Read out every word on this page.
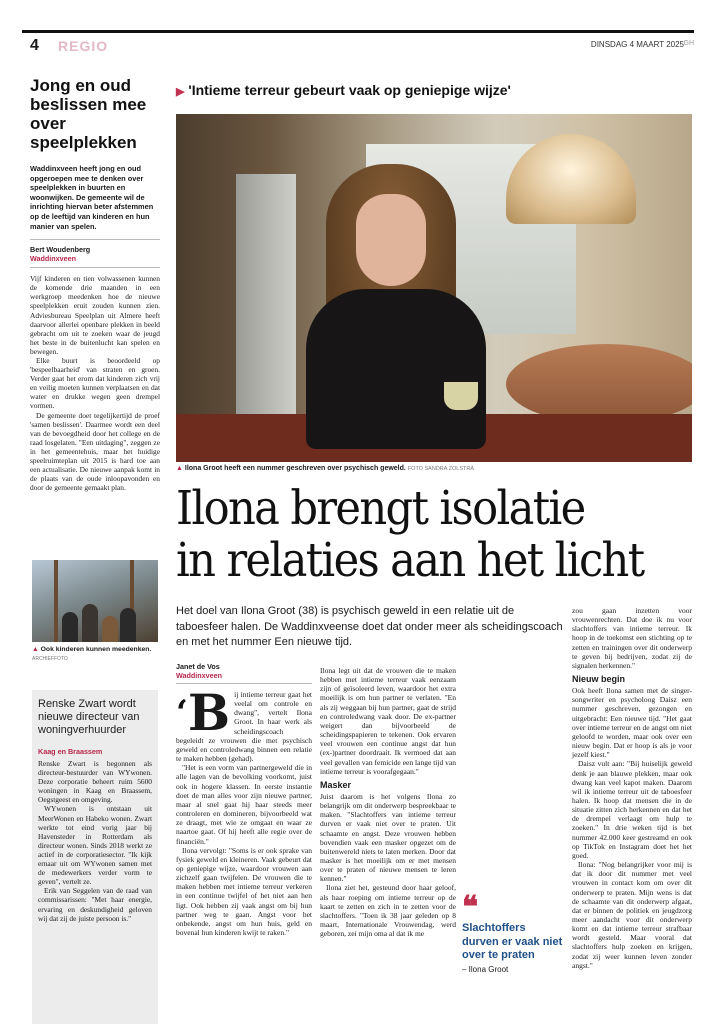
4 REGIO	DINSDAG 4 MAART 2025 GH
Jong en oud beslissen mee over speelplekken
Waddinxveen heeft jong en oud opgeroepen mee te denken over speelplekken in buurten en woonwijken. De gemeente wil de inrichting hiervan beter afstemmen op de leeftijd van kinderen en hun manier van spelen.
Bert Woudenberg
Waddinxveen

Vijf kinderen en tien volwassenen kunnen de komende drie maanden in een werkgroep meedenken hoe de nieuwe speelplekken eruit zouden kunnen zien. Adviesbureau Speelplan uit Almere heeft daarvoor allerlei openbare plekken in beeld gebracht om uit te zoeken waar de jeugd het beste in de buitenlucht kan spelen en bewegen.

Elke buurt is beoordeeld op 'bespeelbaarheid' van straten en groen. Verder gaat het erom dat kinderen zich vrij en veilig moeten kunnen verplaatsen en dat water en drukke wegen geen drempel vormen.

De gemeente doet tegelijkertijd de proef 'samen beslissen'. Daarmee wordt een deel van de bevoegdheid door het college en de raad losgelaten. "Een uitdaging", zeggen ze in het gemeentehuis, maar het huidige speelruimteplan uit 2015 is hard toe aan een actualisatie. De nieuwe aanpak komt in de plaats van de oude inloopavonden en door de gemeente gemaakt plan.

▲ Ook kinderen kunnen meedenken. ARCHIEFFOTO
Renske Zwart wordt nieuwe directeur van woningverhuurder
Kaag en Braassem

Renske Zwart is begonnen als directeur-bestuurder van WYwonen. Deze corporatie beheert ruim 5600 woningen in Kaag en Braassem, Oegstgeest en omgeving.

WYwonen is ontstaan uit MeerWonen en Habeko wonen. Zwart werkte tot eind vorig jaar bij Havensteder in Rotterdam als directeur wonen. Sinds 2018 werkt ze actief in de corporatiesector. "Ik kijk ernaar uit om WYwonen samen met de medewerkers verder vorm te geven", vertelt ze.

Erik van Seggelen van de raad van commissarissen: "Met haar energie, ervaring en deskundigheid geloven wij dat zij de juiste persoon is."

▶ 'Intieme terreur gebeurt vaak op geniepige wijze'
▲ Ilona Groot heeft een nummer geschreven over psychisch geweld. FOTO SANDRA ZOLSTRA
Ilona brengt isolatie
in relaties aan het licht
Het doel van Ilona Groot (38) is psychisch geweld in een relatie uit de taboesfeer halen. De Waddinxveense doet dat onder meer als scheidingscoach en met het nummer Een nieuwe tijd.
Janet de Vos
Waddinxveen
‘B ij intieme terreur gaat het veelal om controle en dwang", vertelt Ilona Groot. In haar werk als scheidingscoach begeleidt ze vrouwen die met psychisch geweld en controledwang binnen een relatie te maken hebben (gehad).

"Het is een vorm van partnergeweld die in alle lagen van de bevolking voorkomt, juist ook in hogere klassen. In eerste instantie doet de man alles voor zijn nieuwe partner, maar al snel gaat hij haar steeds meer controleren en domineren, bijvoorbeeld wat ze draagt, met wie ze omgaat en waar ze naartoe gaat. Of hij heeft alle regie over de financiën."

Ilona vervolgt: "Soms is er ook sprake van fysiek geweld en kleineren. Vaak gebeurt dat op geniepige wijze, waardoor vrouwen aan zichzelf gaan twijfelen. De vrouwen die te maken hebben met intieme terreur verkeren in een continue twijfel of het niet aan hen ligt. Ook hebben zij vaak angst om bij hun partner weg te gaan. Angst voor het onbekende, angst om hun huis, geld en bovenal hun kinderen kwijt te raken."

Ilona legt uit dat de vrouwen die te maken hebben met intieme terreur vaak eenzaam zijn of geïsoleerd leven, waardoor het extra moeilijk is om hun partner te verlaten. "En als zij weggaan bij hun partner, gaat de strijd en controledwang vaak door. De ex-partner weigert dan bijvoorbeeld de scheidingspapieren te tekenen. Ook ervaren veel vrouwen een continue angst dat hun (ex-)partner doordraait. Ik vermoed dat aan veel gevallen van femicide een lange tijd van intieme terreur is voorafgegaan."

Masker

Juist daarom is het volgens Ilona zo belangrijk om dit onderwerp bespreekbaar te maken. "Slachtoffers van intieme terreur durven er vaak niet over te praten. Uit schaamte en angst. Deze vrouwen hebben bovendien vaak een masker opgezet om de buitenwereld niets te laten merken. Door dat masker is het moeilijk om er met mensen over te praten of nieuwe mensen te leren kennen."

Ilona ziet het, gesteund door haar geloof, als haar roeping om intieme terreur op de kaart te zetten en zich in te zetten voor de slachtoffers. "Toen ik 38 jaar geleden op 8 maart, Internationale Vrouwendag, werd geboren, zei mijn oma al dat ik me

zou gaan inzetten voor vrouwenrechten. Dat doe ik nu voor slachtoffers van intieme terreur. Ik hoop in de toekomst een stichting op te zetten en trainingen over dit onderwerp te geven bij bedrijven, zodat zij de signalen herkennen."

Nieuw begin

Ook heeft Ilona samen met de singer-songwriter en psycholoog Daisz een nummer geschreven, gezongen en uitgebracht: Een nieuwe tijd. "Het gaat over intieme terreur en de angst om niet geloofd te worden, maar ook over een nieuw begin. Dat er hoop is als je voor jezelf kiest."

Daisz vult aan: "Bij huiselijk geweld denk je aan blauwe plekken, maar ook dwang kan veel kapot maken. Daarom wil ik intieme terreur uit de taboesfeer halen. Ik hoop dat mensen die in de situatie zitten zich herkennen en dat het de drempel verlaagt om hulp te zoeken." In drie weken tijd is het nummer 42.000 keer gestreamd en ook op TikTok en Instagram doet het het goed.

Ilona: "Nog belangrijker voor mij is dat ik door dit nummer met veel vrouwen in contact kom om over dit onderwerp te praten. Mijn wens is dat de schaamte van dit onderwerp afgaat, dat er binnen de politiek en jeugdzorg meer aandacht voor dit onderwerp komt en dat intieme terreur strafbaar wordt gesteld. Maar vooral dat slachtoffers hulp zoeken en krijgen, zodat zij weer kunnen leven zonder angst."

❝
Slachtoffers durven er vaak niet over te praten
– Ilona Groot
